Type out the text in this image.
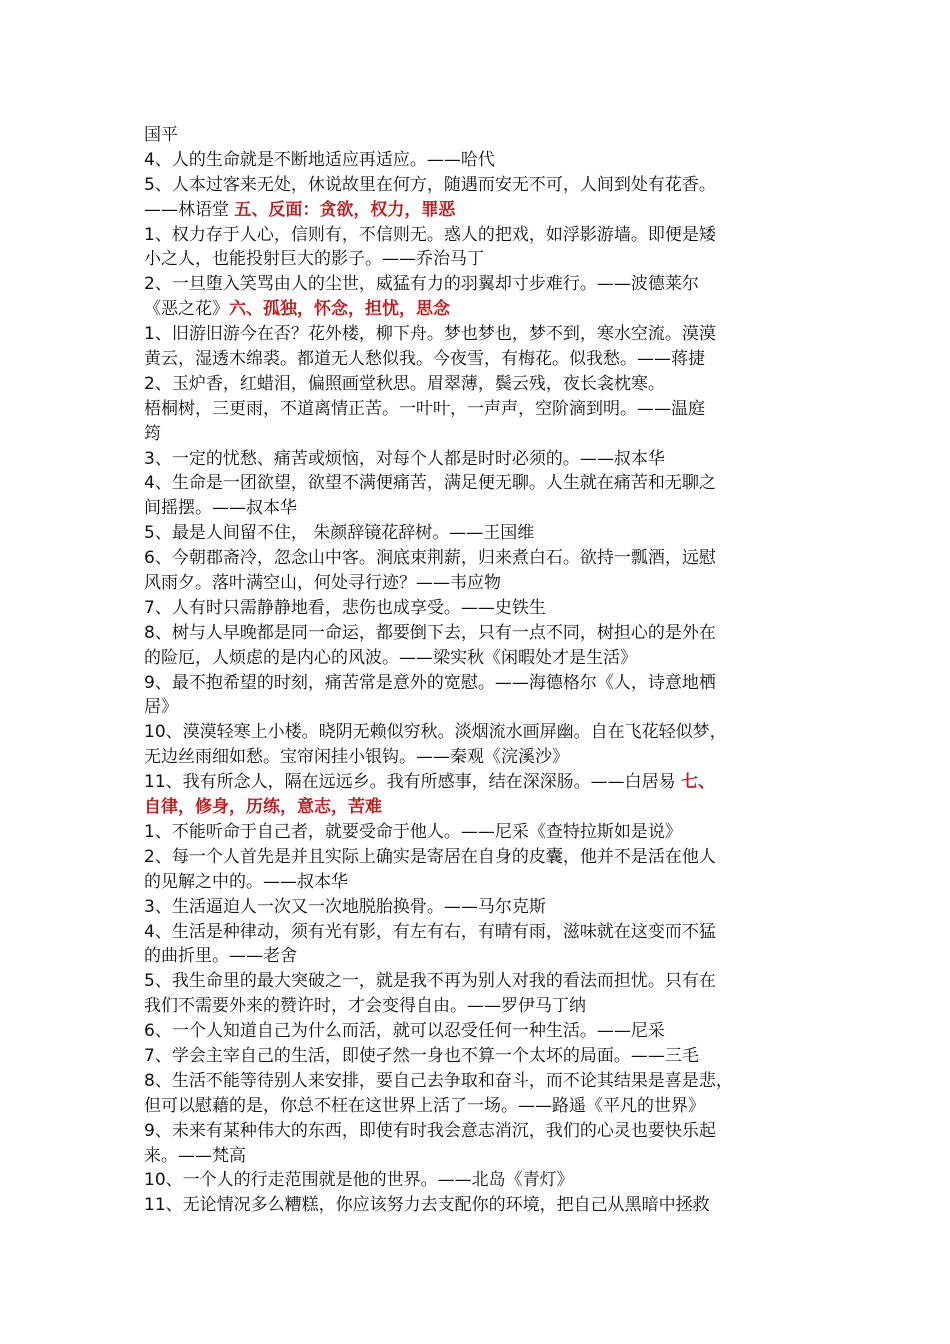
国平
4、人的生命就是不断地适应再适应。——哈代
5、人本过客来无处，休说故里在何方，随遇而安无不可，人间到处有花香。
——林语堂 五、反面：贪欲，权力，罪恶
1、权力存于人心，信则有，不信则无。惑人的把戏，如浮影游墙。即便是矮
小之人，也能投射巨大的影子。——乔治马丁
2、一旦堕入笑骂由人的尘世，威猛有力的羽翼却寸步难行。——波德莱尔
《恶之花》六、孤独，怀念，担忧，思念
1、旧游旧游今在否？花外楼，柳下舟。梦也梦也，梦不到，寒水空流。漠漠
黄云，湿透木绵裘。都道无人愁似我。今夜雪，有梅花。似我愁。——蒋捷
2、玉炉香，红蜡泪，偏照画堂秋思。眉翠薄，鬓云残，夜长衾枕寒。
梧桐树，三更雨，不道离情正苦。一叶叶，一声声，空阶滴到明。——温庭
筠
3、一定的忧愁、痛苦或烦恼，对每个人都是时时必须的。——叔本华
4、生命是一团欲望，欲望不满便痛苦，满足便无聊。人生就在痛苦和无聊之
间摇摆。——叔本华
5、最是人间留不住， 朱颜辞镜花辞树。——王国维
6、今朝郡斋冷，忽念山中客。涧底束荆薪，归来煮白石。欲持一瓢酒，远慰
风雨夕。落叶满空山，何处寻行迹？——韦应物
7、人有时只需静静地看，悲伤也成享受。——史铁生
8、树与人早晚都是同一命运，都要倒下去，只有一点不同，树担心的是外在
的险厄，人烦虑的是内心的风波。——梁实秋《闲暇处才是生活》
9、最不抱希望的时刻，痛苦常是意外的宽慰。——海德格尔《人，诗意地栖
居》
10、漠漠轻寒上小楼。晓阴无赖似穷秋。淡烟流水画屏幽。自在飞花轻似梦，
无边丝雨细如愁。宝帘闲挂小银钩。——秦观《浣溪沙》
11、我有所念人，隔在远远乡。我有所感事，结在深深肠。——白居易 七、
自律，修身，历练，意志，苦难
1、不能听命于自己者，就要受命于他人。——尼采《查特拉斯如是说》
2、每一个人首先是并且实际上确实是寄居在自身的皮囊，他并不是活在他人
的见解之中的。——叔本华
3、生活逼迫人一次又一次地脱胎换骨。——马尔克斯
4、生活是种律动，须有光有影，有左有右，有晴有雨，滋味就在这变而不猛
的曲折里。——老舍
5、我生命里的最大突破之一，就是我不再为别人对我的看法而担忧。只有在
我们不需要外来的赞许时，才会变得自由。——罗伊马丁纳
6、一个人知道自己为什么而活，就可以忍受任何一种生活。——尼采
7、学会主宰自己的生活，即使孑然一身也不算一个太坏的局面。——三毛
8、生活不能等待别人来安排，要自己去争取和奋斗，而不论其结果是喜是悲，
但可以慰藉的是，你总不枉在这世界上活了一场。——路遥《平凡的世界》
9、未来有某种伟大的东西，即使有时我会意志消沉，我们的心灵也要快乐起
来。——梵高
10、一个人的行走范围就是他的世界。——北岛《青灯》
11、无论情况多么糟糕，你应该努力去支配你的环境，把自己从黑暗中拯救
